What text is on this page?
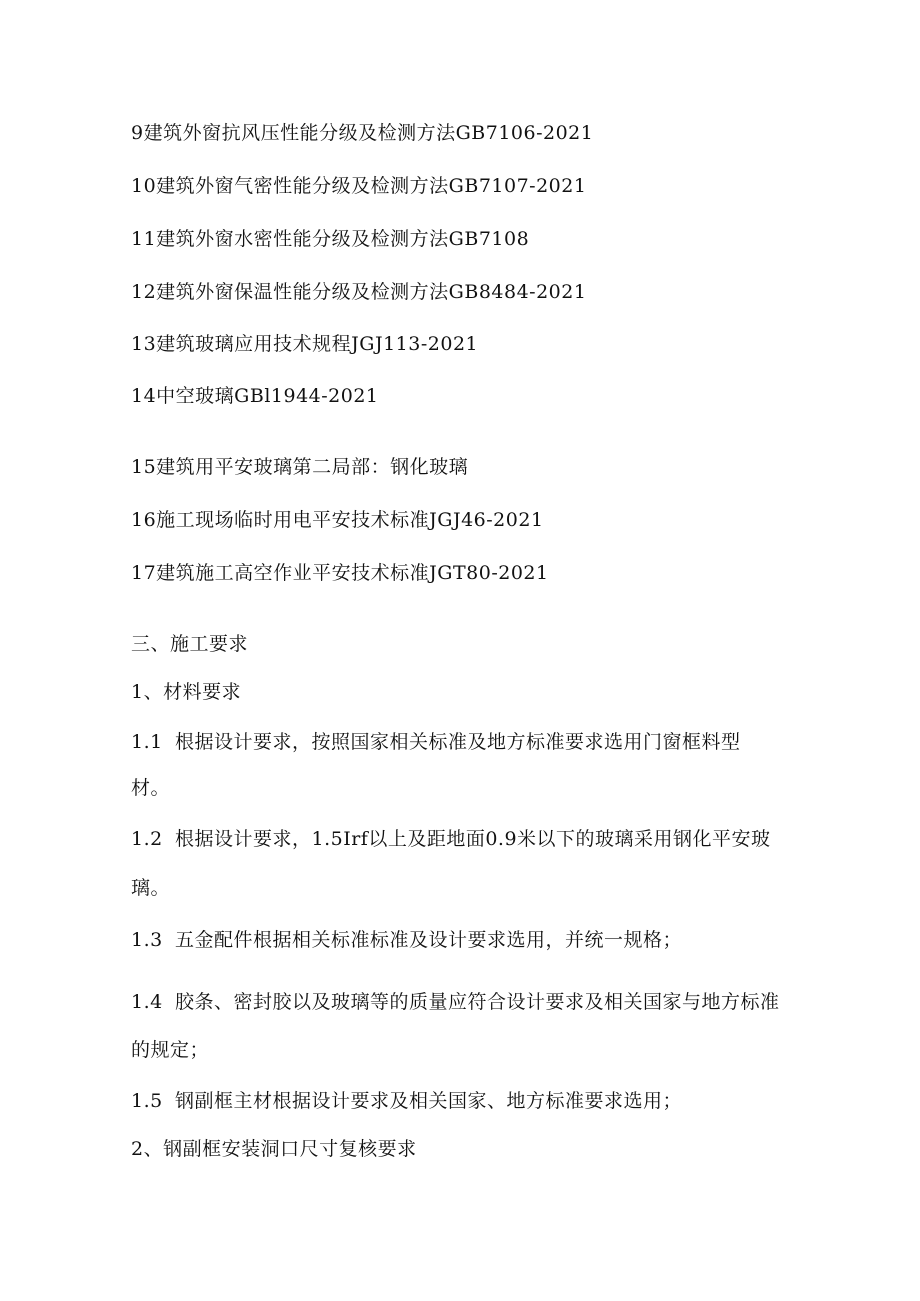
9建筑外窗抗风压性能分级及检测方法GB7106-2021
10建筑外窗气密性能分级及检测方法GB7107-2021
11建筑外窗水密性能分级及检测方法GB7108
12建筑外窗保温性能分级及检测方法GB8484-2021
13建筑玻璃应用技术规程JGJ113-2021
14中空玻璃GBl1944-2021
15建筑用平安玻璃第二局部：钢化玻璃
16施工现场临时用电平安技术标准JGJ46-2021
17建筑施工高空作业平安技术标准JGT80-2021
三、施工要求
1、材料要求
1.1 根据设计要求，按照国家相关标准及地方标准要求选用门窗框料型
材。
1.2 根据设计要求，1.5Irf以上及距地面0.9米以下的玻璃采用钢化平安玻
璃。
1.3 五金配件根据相关标准标准及设计要求选用，并统一规格；
1.4 胶条、密封胶以及玻璃等的质量应符合设计要求及相关国家与地方标准
的规定；
1.5 钢副框主材根据设计要求及相关国家、地方标准要求选用；
2、钢副框安装洞口尺寸复核要求
